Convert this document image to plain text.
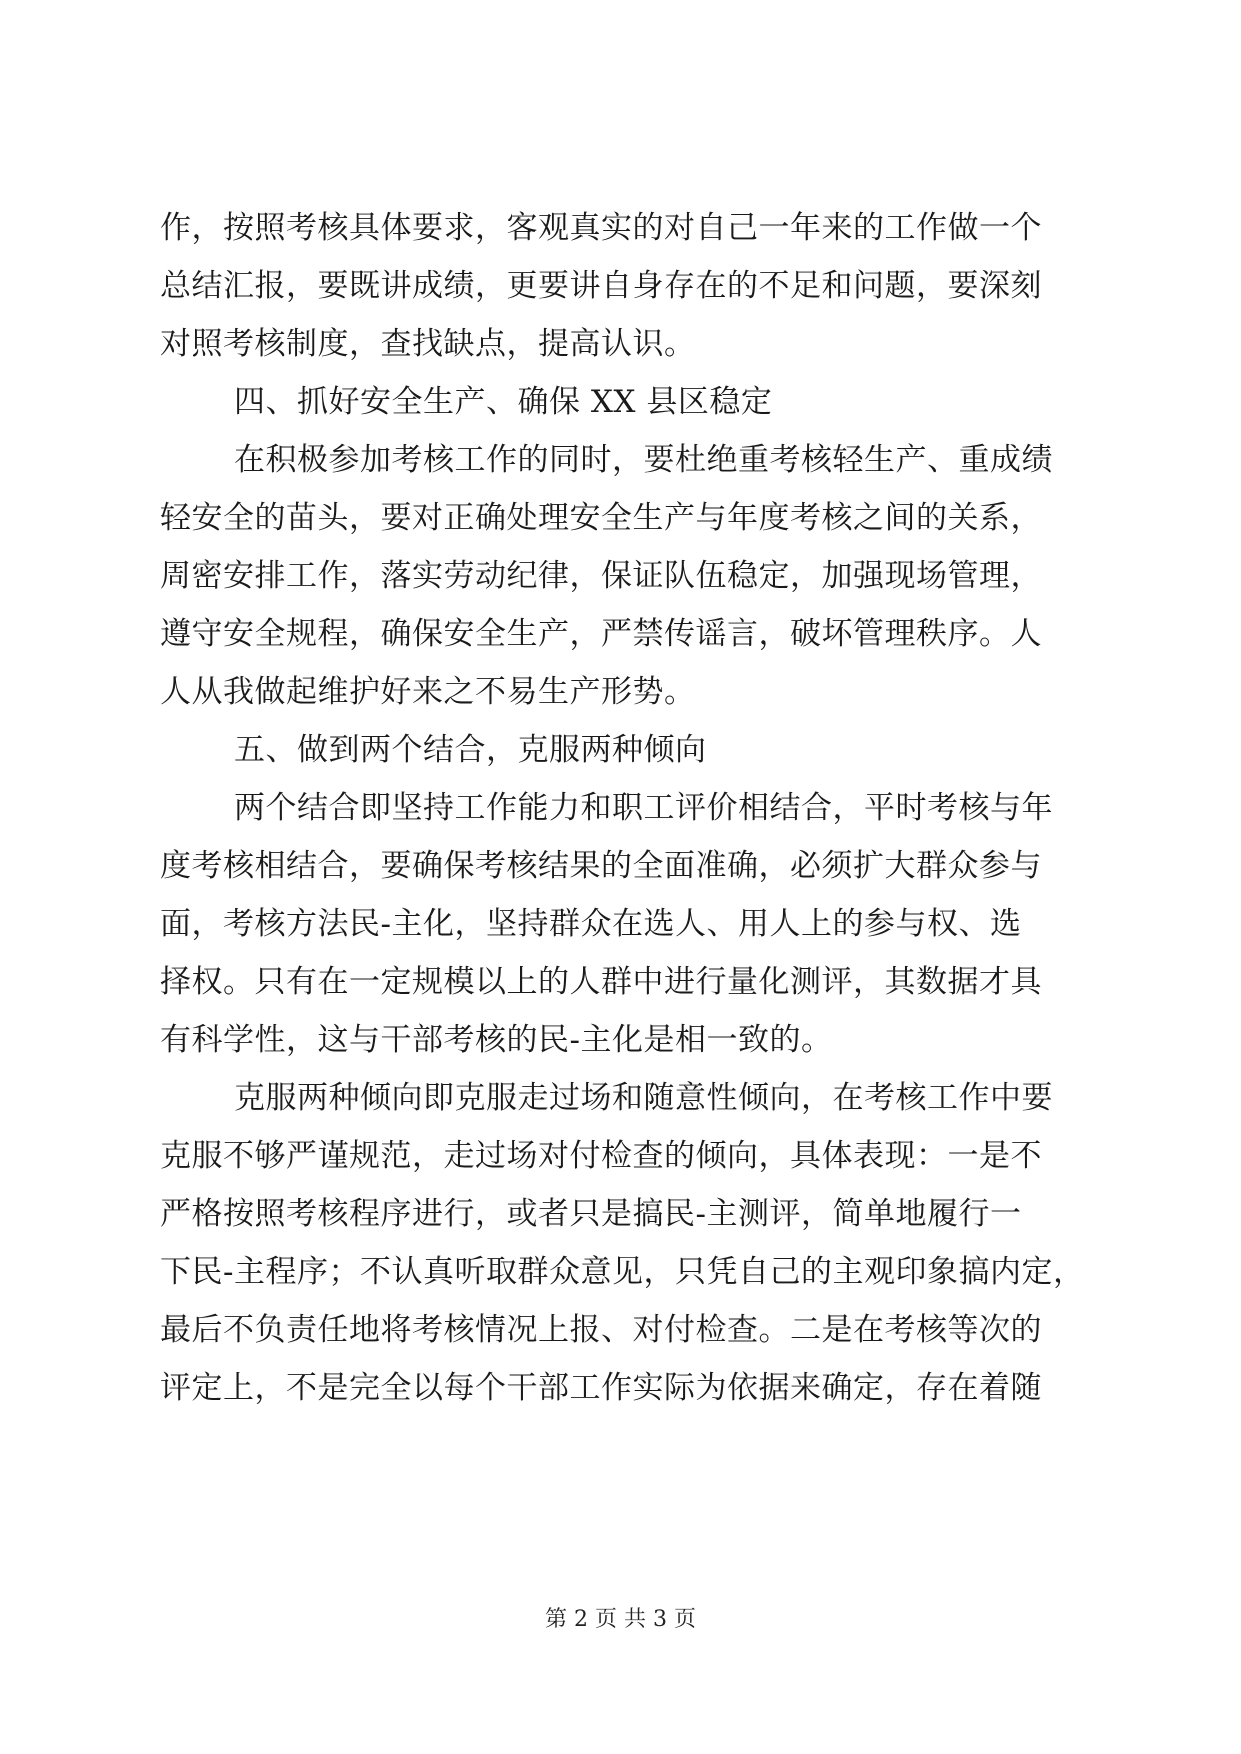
作，按照考核具体要求，客观真实的对自己一年来的工作做一个
总结汇报，要既讲成绩，更要讲自身存在的不足和问题，要深刻
对照考核制度，查找缺点，提高认识。
四、抓好安全生产、确保 XX 县区稳定
在积极参加考核工作的同时，要杜绝重考核轻生产、重成绩
轻安全的苗头，要对正确处理安全生产与年度考核之间的关系，
周密安排工作，落实劳动纪律，保证队伍稳定，加强现场管理，
遵守安全规程，确保安全生产，严禁传谣言，破坏管理秩序。人
人从我做起维护好来之不易生产形势。
五、做到两个结合，克服两种倾向
两个结合即坚持工作能力和职工评价相结合，平时考核与年
度考核相结合，要确保考核结果的全面准确，必须扩大群众参与
面，考核方法民-主化，坚持群众在选人、用人上的参与权、选
择权。只有在一定规模以上的人群中进行量化测评，其数据才具
有科学性，这与干部考核的民-主化是相一致的。
克服两种倾向即克服走过场和随意性倾向，在考核工作中要
克服不够严谨规范，走过场对付检查的倾向，具体表现：一是不
严格按照考核程序进行，或者只是搞民-主测评，简单地履行一
下民-主程序；不认真听取群众意见，只凭自己的主观印象搞内定，
最后不负责任地将考核情况上报、对付检查。二是在考核等次的
评定上，不是完全以每个干部工作实际为依据来确定，存在着随
第 2 页 共 3 页
